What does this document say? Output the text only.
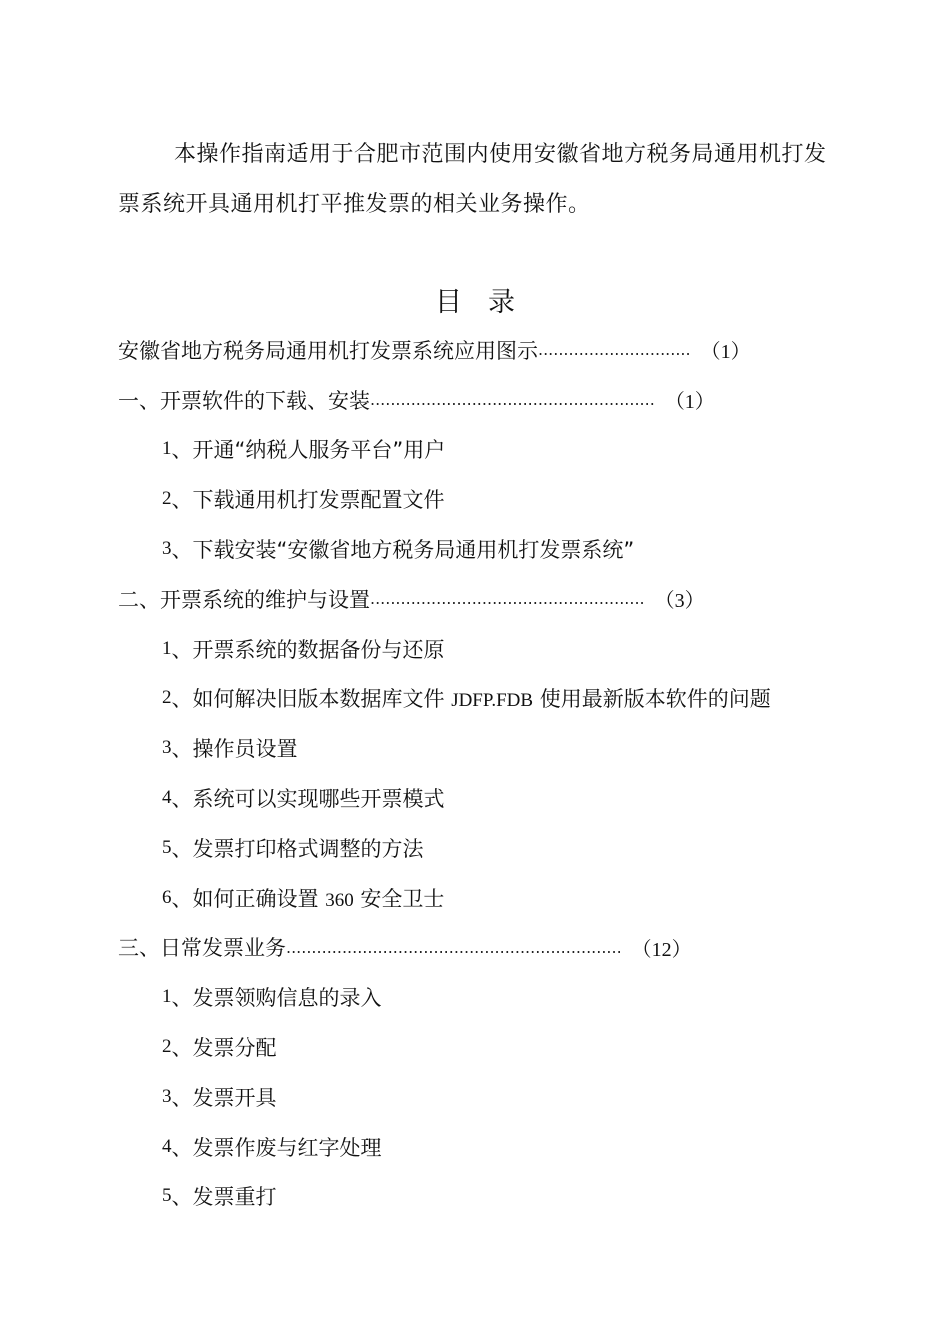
本操作指南适用于合肥市范围内使用安徽省地方税务局通用机打发票系统开具通用机打平推发票的相关业务操作。

目录
安徽省地方税务局通用机打发票系统应用图示 .............................. （1）
一、开票软件的下载、安装 ........................................................ （1）
1 、 开通“纳税人服务平台”用户
2 、 下载通用机打发票配置文件
3 、 下载安装“安徽省地方税务局通用机打发票系统”
二、开票系统的维护与设置 ...................................................... （3）
1 、 开票系统的数据备份与还原
2 、 如何解决旧版本数据库文件 JDFP.FDB 使用最新版本软件的问题
3 、 操作员设置
4 、 系统可以实现哪些开票模式
5 、 发票打印格式调整的方法
6 、 如何正确设置 360 安全卫士
三、日常发票业务 .................................................................. （12）
1 、 发票领购信息的录入
2 、 发票分配
3 、 发票开具
4 、 发票作废与红字处理
5 、 发票重打
